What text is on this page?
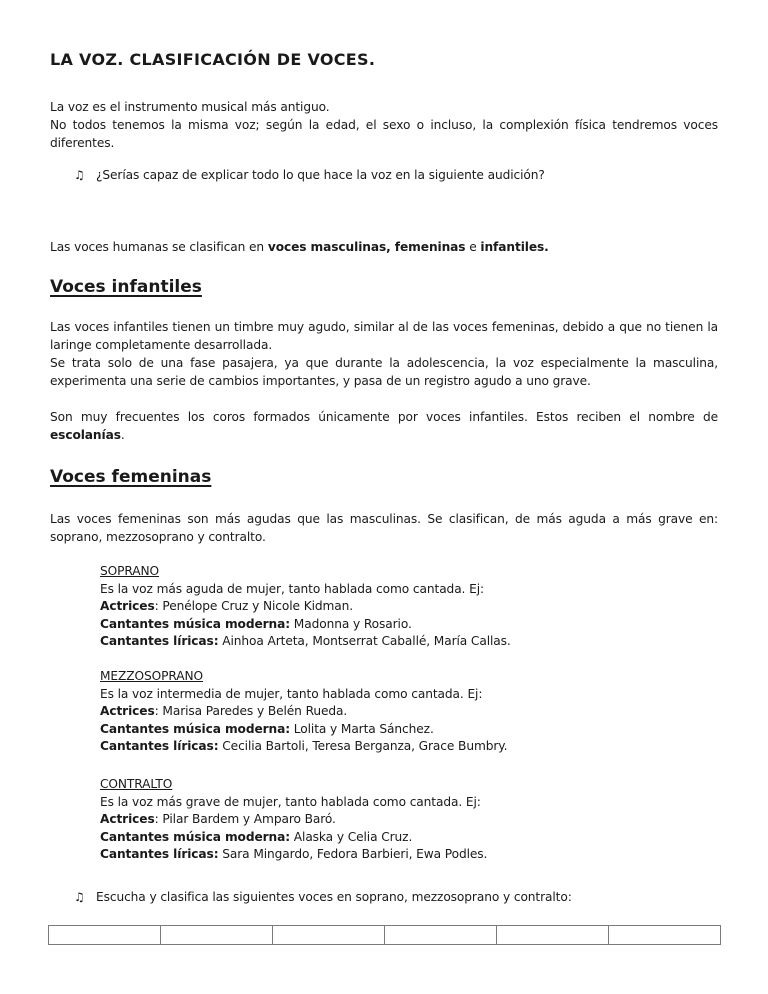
LA VOZ. CLASIFICACIÓN DE VOCES.
La voz es el instrumento musical más antiguo.
No todos tenemos la misma voz; según la edad, el sexo o incluso, la complexión física tendremos voces diferentes.
♫ ¿Serías capaz de explicar todo lo que hace la voz en la siguiente audición?
Las voces humanas se clasifican en voces masculinas, femeninas e infantiles.
Voces infantiles
Las voces infantiles tienen un timbre muy agudo, similar al de las voces femeninas, debido a que no tienen la laringe completamente desarrollada.
Se trata solo de una fase pasajera, ya que durante la adolescencia, la voz especialmente la masculina, experimenta una serie de cambios importantes, y pasa de un registro agudo a uno grave.
Son muy frecuentes los coros formados únicamente por voces infantiles. Estos reciben el nombre de escolanías.
Voces femeninas
Las voces femeninas son más agudas que las masculinas. Se clasifican, de más aguda a más grave en: soprano, mezzosoprano y contralto.
SOPRANO
Es la voz más aguda de mujer, tanto hablada como cantada. Ej:
Actrices: Penélope Cruz y Nicole Kidman.
Cantantes música moderna: Madonna y Rosario.
Cantantes líricas: Ainhoa Arteta, Montserrat Caballé, María Callas.
MEZZOSOPRANO
Es la voz intermedia de mujer, tanto hablada como cantada. Ej:
Actrices: Marisa Paredes y Belén Rueda.
Cantantes música moderna: Lolita y Marta Sánchez.
Cantantes líricas: Cecilia Bartoli, Teresa Berganza, Grace Bumbry.
CONTRALTO
Es la voz más grave de mujer, tanto hablada como cantada. Ej:
Actrices: Pilar Bardem y Amparo Baró.
Cantantes música moderna: Alaska y Celia Cruz.
Cantantes líricas: Sara Mingardo, Fedora Barbieri, Ewa Podles.
♫ Escucha y clasifica las siguientes voces en soprano, mezzosoprano y contralto:
